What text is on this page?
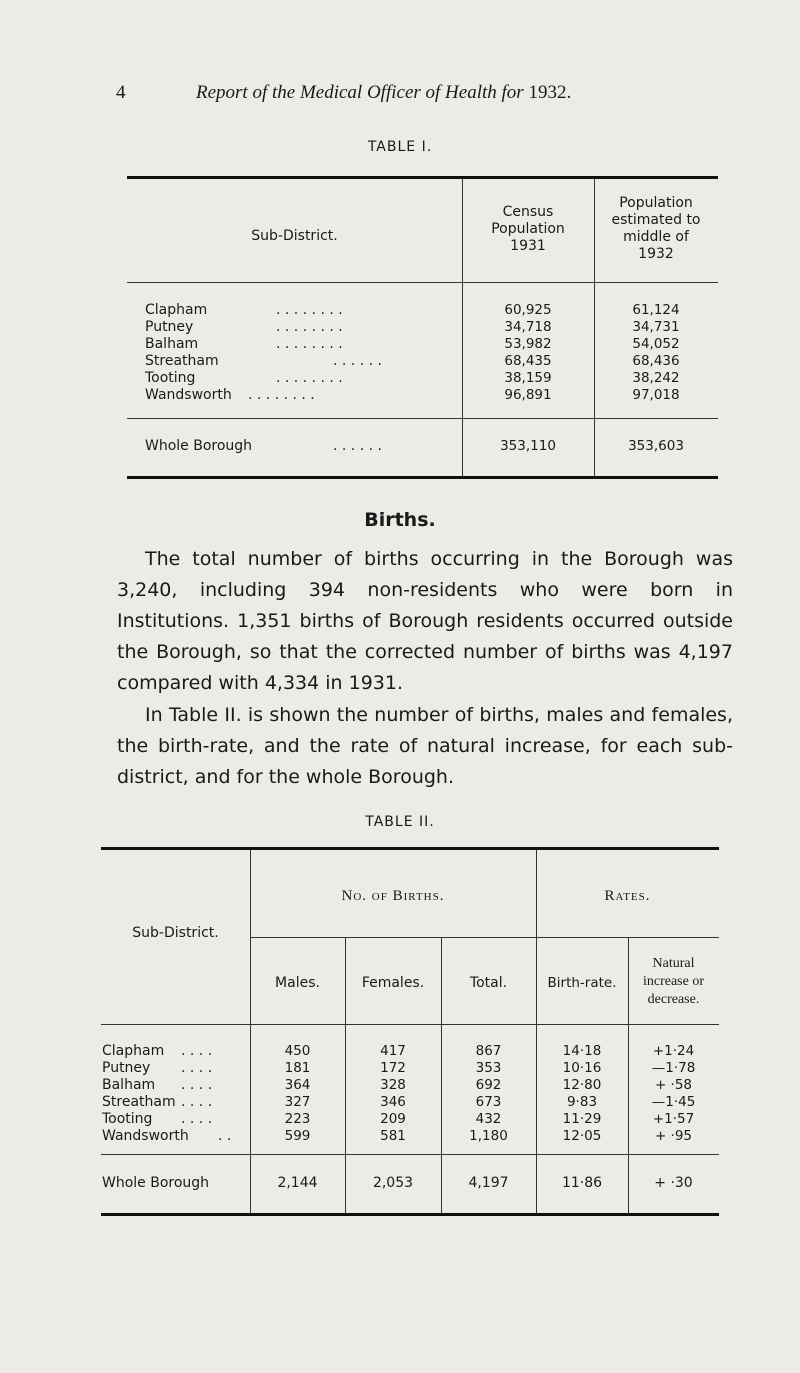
4	Report of the Medical Officer of Health for 1932.
TABLE I.
Sub-District.
Census
Population
1931
Population
estimated to
middle of
1932
Clapham	. . . . . . . .	60,925	61,124
Putney	. . . . . . . .	34,718	34,731
Balham	. . . . . . . .	53,982	54,052
Streatham	. . . . . .	68,435	68,436
Tooting	. . . . . . . .	38,159	38,242
Wandsworth . . . . . . . .	96,891	97,018
Whole Borough	. . . . . .	353,110	353,603
Births.
The total number of births occurring in the Borough was 3,240, including 394 non-residents who were born in Institutions. 1,351 births of Borough residents occurred outside the Borough, so that the corrected number of births was 4,197 compared with 4,334 in 1931.
In Table II. is shown the number of births, males and females, the birth-rate, and the rate of natural increase, for each sub-district, and for the whole Borough.
TABLE II.
Sub-District.
No. of Births.	Rates.
Males.	Females.	Total.	Birth-rate.
Natural
increase or
decrease.
Clapham . . . .	450	417	867	14·18	+1·24
Putney . . . .	181	172	353	10·16	—1·78
Balham . . . .	364	328	692	12·80	+ ·58
Streatham . . . .	327	346	673	9·83	—1·45
Tooting . . . .	223	209	432	11·29	+1·57
Wandsworth . .	599	581	1,180	12·05	+ ·95
Whole Borough	2,144	2,053	4,197	11·86	+ ·30
